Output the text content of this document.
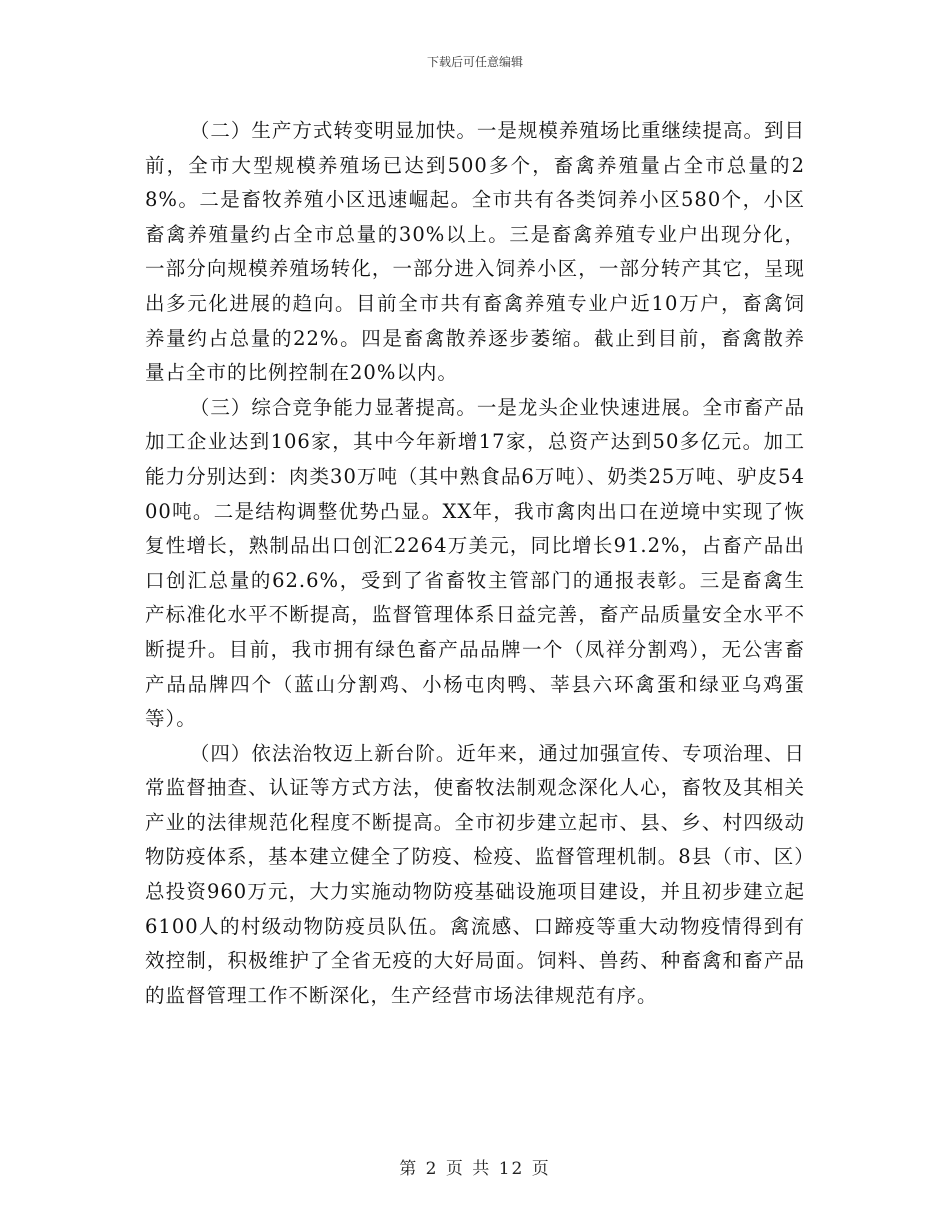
下载后可任意编辑

（二）生产方式转变明显加快。一是规模养殖场比重继续提高。到目前，全市大型规模养殖场已达到500多个，畜禽养殖量占全市总量的28%。二是畜牧养殖小区迅速崛起。全市共有各类饲养小区580个，小区畜禽养殖量约占全市总量的30%以上。三是畜禽养殖专业户出现分化，一部分向规模养殖场转化，一部分进入饲养小区，一部分转产其它，呈现出多元化进展的趋向。目前全市共有畜禽养殖专业户近10万户，畜禽饲养量约占总量的22%。四是畜禽散养逐步萎缩。截止到目前，畜禽散养量占全市的比例控制在20%以内。

（三）综合竞争能力显著提高。一是龙头企业快速进展。全市畜产品加工企业达到106家，其中今年新增17家，总资产达到50多亿元。加工能力分别达到：肉类30万吨（其中熟食品6万吨）、奶类25万吨、驴皮5400吨。二是结构调整优势凸显。XX年，我市禽肉出口在逆境中实现了恢复性增长，熟制品出口创汇2264万美元，同比增长91.2%，占畜产品出口创汇总量的62.6%，受到了省畜牧主管部门的通报表彰。三是畜禽生产标准化水平不断提高，监督管理体系日益完善，畜产品质量安全水平不断提升。目前，我市拥有绿色畜产品品牌一个（凤祥分割鸡），无公害畜产品品牌四个（蓝山分割鸡、小杨屯肉鸭、莘县六环禽蛋和绿亚乌鸡蛋等）。

（四）依法治牧迈上新台阶。近年来，通过加强宣传、专项治理、日常监督抽查、认证等方式方法，使畜牧法制观念深化人心，畜牧及其相关产业的法律规范化程度不断提高。全市初步建立起市、县、乡、村四级动物防疫体系，基本建立健全了防疫、检疫、监督管理机制。8县（市、区）总投资960万元，大力实施动物防疫基础设施项目建设，并且初步建立起6100人的村级动物防疫员队伍。禽流感、口蹄疫等重大动物疫情得到有效控制，积极维护了全省无疫的大好局面。饲料、兽药、种畜禽和畜产品的监督管理工作不断深化，生产经营市场法律规范有序。

第 2 页 共 12 页
